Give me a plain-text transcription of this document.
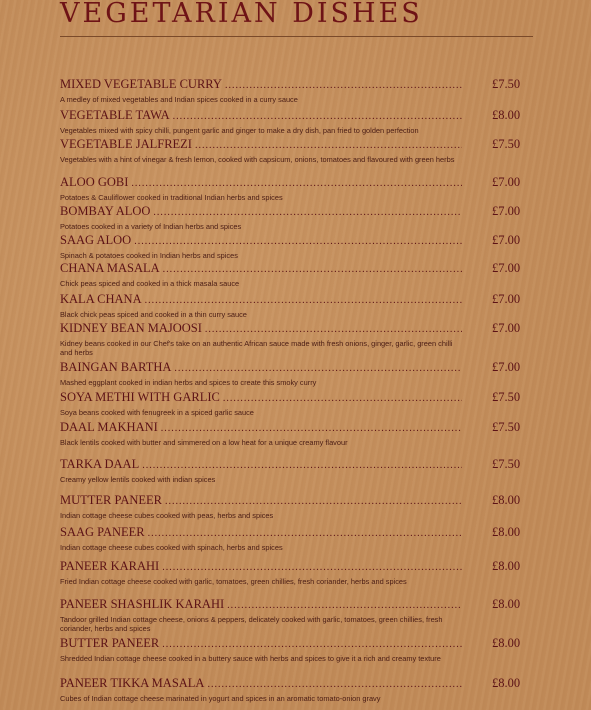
VEGETARIAN DISHES
MIXED VEGETABLE CURRY .....	£7.50

A medley of mixed vegetables and Indian spices cooked in a curry sauce

VEGETABLE TAWA .....	£8.00

Vegetables mixed with spicy chilli, pungent garlic and ginger to make a dry dish, pan fried to golden perfection

VEGETABLE JALFREZI .....	£7.50

Vegetables with a hint of vinegar & fresh lemon, cooked with capsicum, onions, tomatoes and flavoured with green herbs

ALOO GOBI .....	£7.00

Potatoes & Cauliflower cooked in traditional Indian herbs and spices

BOMBAY ALOO .....	£7.00

Potatoes cooked in a variety of Indian herbs and spices

SAAG ALOO .....	£7.00

Spinach & potatoes cooked in Indian herbs and spices

CHANA MASALA .....	£7.00

Chick peas spiced and cooked in a thick masala sauce

KALA CHANA .....	£7.00

Black chick peas spiced and cooked in a thin curry sauce

KIDNEY BEAN MAJOOSI .....	£7.00

Kidney beans cooked in our Chef's take on an authentic African sauce made with fresh onions, ginger, garlic, green chilli and herbs

BAINGAN BARTHA .....	£7.00

Mashed eggplant cooked in indian herbs and spices to create this smoky curry

SOYA METHI WITH GARLIC .....	£7.50

Soya beans cooked with fenugreek in a spiced garlic sauce

DAAL MAKHANI .....	£7.50

Black lentils cooked with butter and simmered on a low heat for a unique creamy flavour

TARKA DAAL .....	£7.50

Creamy yellow lentils cooked with indian spices

MUTTER PANEER .....	£8.00

Indian cottage cheese cubes cooked with peas, herbs and spices

SAAG PANEER .....	£8.00

Indian cottage cheese cubes cooked with spinach, herbs and spices

PANEER KARAHI .....	£8.00

Fried Indian cottage cheese cooked with garlic, tomatoes, green chillies, fresh coriander, herbs and spices

PANEER SHASHLIK KARAHI .....	£8.00

Tandoor grilled Indian cottage cheese, onions & peppers, delicately cooked with garlic, tomatoes, green chillies, fresh coriander, herbs and spices

BUTTER PANEER .....	£8.00

Shredded Indian cottage cheese cooked in a buttery sauce with herbs and spices to give it a rich and creamy texture

PANEER TIKKA MASALA .....	£8.00

Cubes of Indian cottage cheese marinated in yogurt and spices in an aromatic tomato-onion gravy
